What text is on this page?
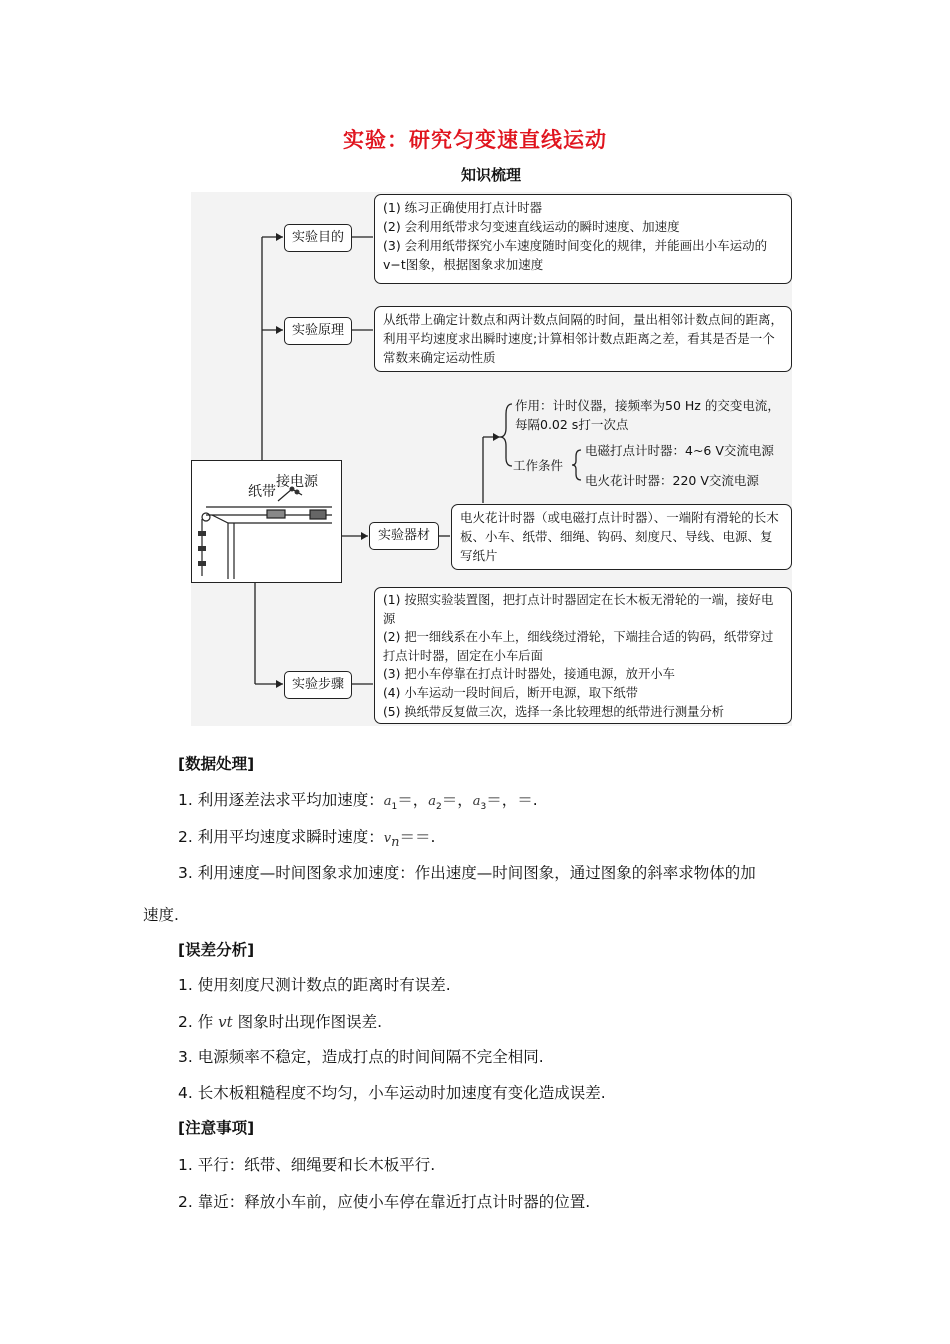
实验：研究匀变速直线运动
知识梳理
实验目的
(1) 练习正确使用打点计时器
(2) 会利用纸带求匀变速直线运动的瞬时速度、加速度
(3) 会利用纸带探究小车速度随时间变化的规律，并能画出小车运动的v−t图象，根据图象求加速度
实验原理
从纸带上确定计数点和两计数点间隔的时间，量出相邻计数点间的距离，利用平均速度求出瞬时速度;计算相邻计数点距离之差，看其是否是一个常数来确定运动性质
作用：计时仪器，接频率为50 Hz 的交变电流，
每隔0.02 s打一次点
工作条件
电磁打点计时器：4~6 V交流电源
电火花计时器：220 V交流电源
纸带
接电源
实验器材
电火花计时器（或电磁打点计时器）、一端附有滑轮的长木板、小车、纸带、细绳、钩码、刻度尺、导线、电源、复写纸片
实验步骤
(1) 按照实验装置图，把打点计时器固定在长木板无滑轮的一端，接好电源
(2) 把一细线系在小车上，细线绕过滑轮，下端挂合适的钩码，纸带穿过打点计时器，固定在小车后面
(3) 把小车停靠在打点计时器处，接通电源，放开小车
(4) 小车运动一段时间后，断开电源，取下纸带
(5) 换纸带反复做三次，选择一条比较理想的纸带进行测量分析
[数据处理]
1. 利用逐差法求平均加速度：$a_1=$，$a_2=$，$a_3=$，＝.
2. 利用平均速度求瞬时速度：$v_n==$.
3. 利用速度—时间图象求加速度：作出速度—时间图象，通过图象的斜率求物体的加
速度.
[误差分析]
1. 使用刻度尺测计数点的距离时有误差.
2. 作 vt 图象时出现作图误差.
3. 电源频率不稳定，造成打点的时间间隔不完全相同.
4. 长木板粗糙程度不均匀，小车运动时加速度有变化造成误差.
[注意事项]
1. 平行：纸带、细绳要和长木板平行.
2. 靠近：释放小车前，应使小车停在靠近打点计时器的位置.
